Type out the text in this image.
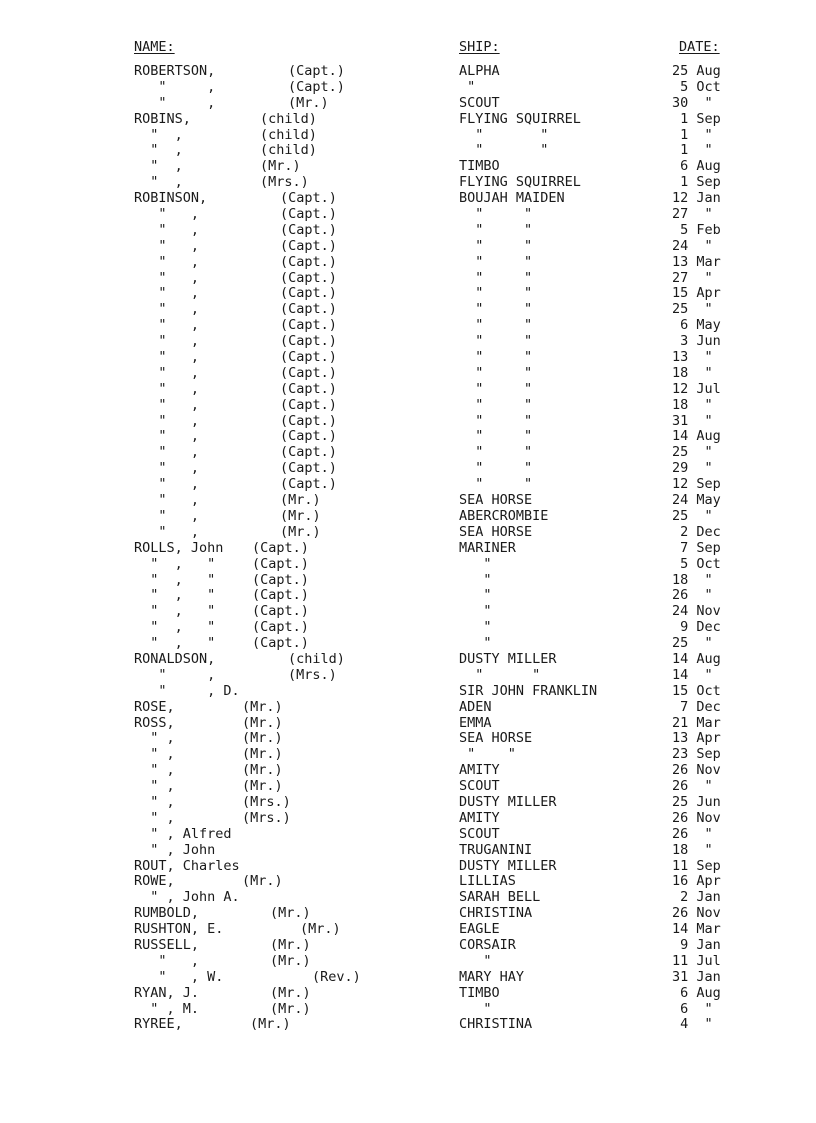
NAME:	SHIP:	DATE:
ROBERTSON,	(Capt.)	ALPHA	25 Aug
"     ,	(Capt.)	"	5 Oct
"     ,	(Mr.)	SCOUT	30  "
ROBINS,	(child)	FLYING SQUIRREL	1 Sep
"  ,	(child)	"       "	1  "
"  ,	(child)	"       "	1  "
"  ,	(Mr.)	TIMBO	6 Aug
"  ,	(Mrs.)	FLYING SQUIRREL	1 Sep
ROBINSON,	(Capt.)	BOUJAH MAIDEN	12 Jan
"   ,	(Capt.)	"     "	27  "
"   ,	(Capt.)	"     "	5 Feb
"   ,	(Capt.)	"     "	24  "
"   ,	(Capt.)	"     "	13 Mar
"   ,	(Capt.)	"     "	27  "
"   ,	(Capt.)	"     "	15 Apr
"   ,	(Capt.)	"     "	25  "
"   ,	(Capt.)	"     "	6 May
"   ,	(Capt.)	"     "	3 Jun
"   ,	(Capt.)	"     "	13  "
"   ,	(Capt.)	"     "	18  "
"   ,	(Capt.)	"     "	12 Jul
"   ,	(Capt.)	"     "	18  "
"   ,	(Capt.)	"     "	31  "
"   ,	(Capt.)	"     "	14 Aug
"   ,	(Capt.)	"     "	25  "
"   ,	(Capt.)	"     "	29  "
"   ,	(Capt.)	"     "	12 Sep
"   ,	(Mr.)	SEA HORSE	24 May
"   ,	(Mr.)	ABERCROMBIE	25  "
"   ,	(Mr.)	SEA HORSE	2 Dec
ROLLS, John (Capt.)	MARINER	7 Sep
"  ,   "	(Capt.)	"	5 Oct
"  ,   "	(Capt.)	"	18  "
"  ,   "	(Capt.)	"	26  "
"  ,   "	(Capt.)	"	24 Nov
"  ,   "	(Capt.)	"	9 Dec
"  ,   "	(Capt.)	"	25  "
RONALDSON,	(child)	DUSTY MILLER	14 Aug
"     ,	(Mrs.)	"      "	14  "
"     , D.	SIR JOHN FRANKLIN	15 Oct
ROSE,	(Mr.)	ADEN	7 Dec
ROSS,	(Mr.)	EMMA	21 Mar
" ,	(Mr.)	SEA HORSE	13 Apr
" ,	(Mr.)	"    "	23 Sep
" ,	(Mr.)	AMITY	26 Nov
" ,	(Mr.)	SCOUT	26  "
" ,	(Mrs.)	DUSTY MILLER	25 Jun
" ,	(Mrs.)	AMITY	26 Nov
" , Alfred	SCOUT	26  "
" , John	TRUGANINI	18  "
ROUT, Charles	DUSTY MILLER	11 Sep
ROWE,	(Mr.)	LILLIAS	16 Apr
" , John A.	SARAH BELL	2 Jan
RUMBOLD,	(Mr.)	CHRISTINA	26 Nov
RUSHTON, E.	(Mr.)	EAGLE	14 Mar
RUSSELL,	(Mr.)	CORSAIR	9 Jan
"   ,	(Mr.)	"	11 Jul
"   , W.	(Rev.)	MARY HAY	31 Jan
RYAN, J.	(Mr.)	TIMBO	6 Aug
" , M.	(Mr.)	"	6  "
RYREE,	(Mr.)	CHRISTINA	4  "
